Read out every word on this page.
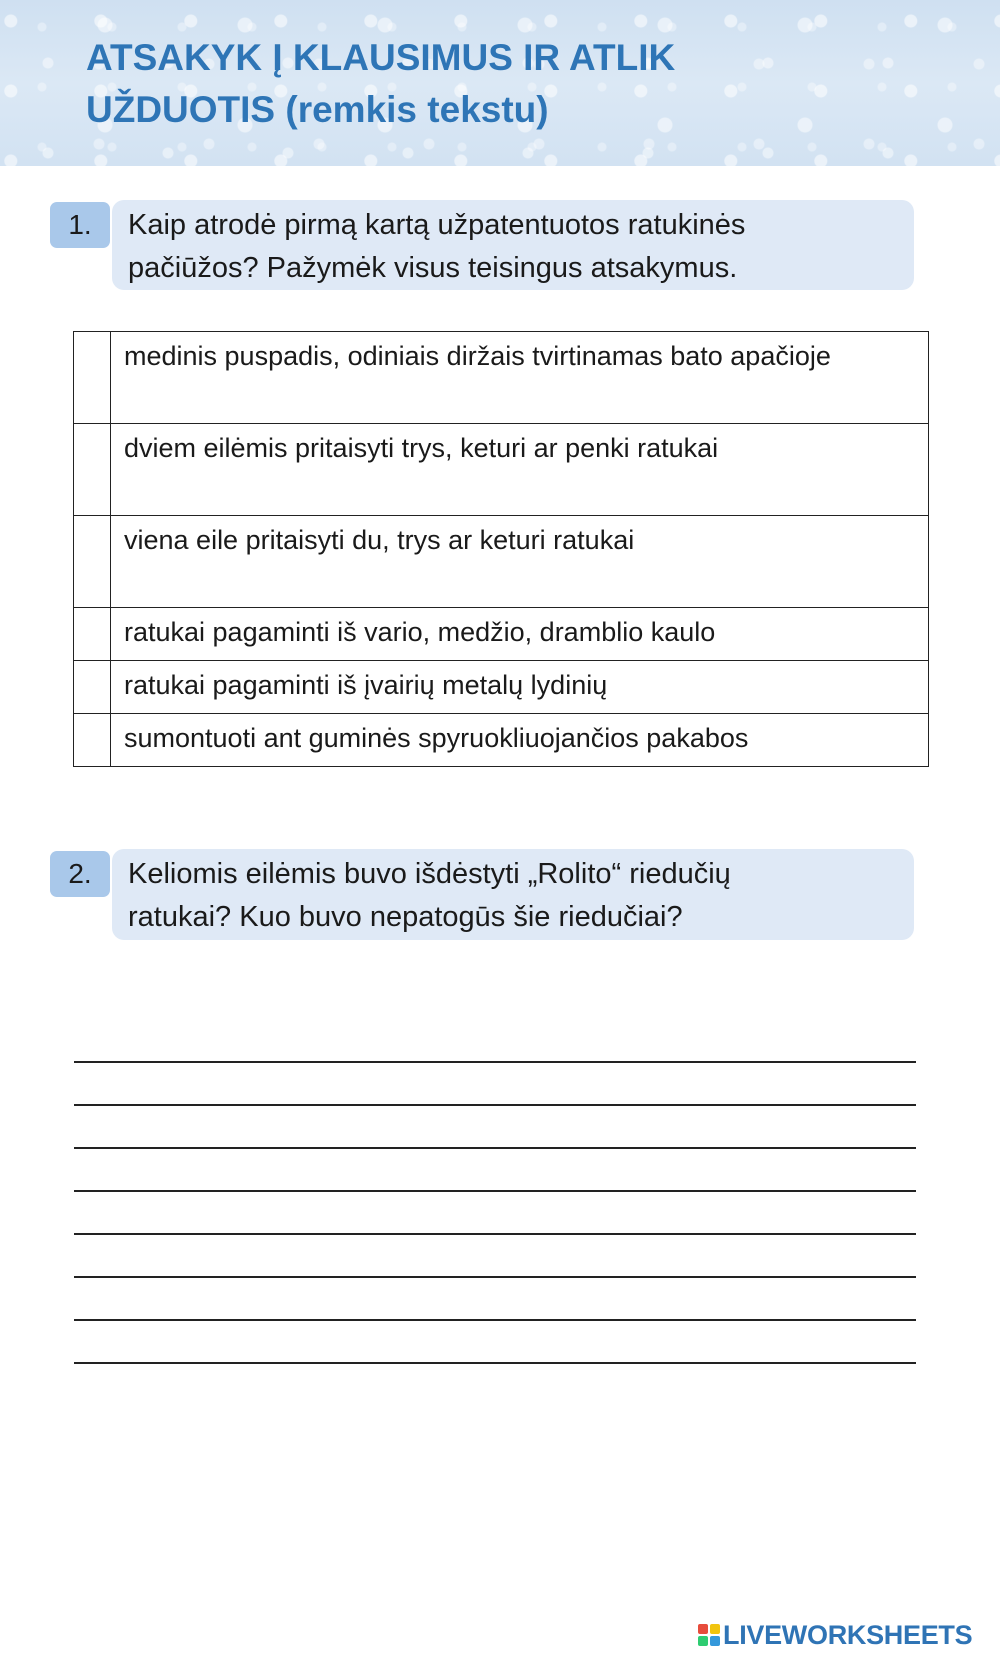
ATSAKYK Į KLAUSIMUS IR ATLIK
UŽDUOTIS (remkis tekstu)
1.	Kaip atrodė pirmą kartą užpatentuotos ratukinės
pačiūžos? Pažymėk visus teisingus atsakymus.
	medinis puspadis, odiniais diržais tvirtinamas bato apačioje
	dviem eilėmis pritaisyti trys, keturi ar penki ratukai
	viena eile pritaisyti du, trys ar keturi ratukai
	ratukai pagaminti iš vario, medžio, dramblio kaulo
	ratukai pagaminti iš įvairių metalų lydinių
	sumontuoti ant guminės spyruokliuojančios pakabos
2.	Keliomis eilėmis buvo išdėstyti „Rolito“ riedučių
ratukai? Kuo buvo nepatogūs šie riedučiai?
LIVEWORKSHEETS
